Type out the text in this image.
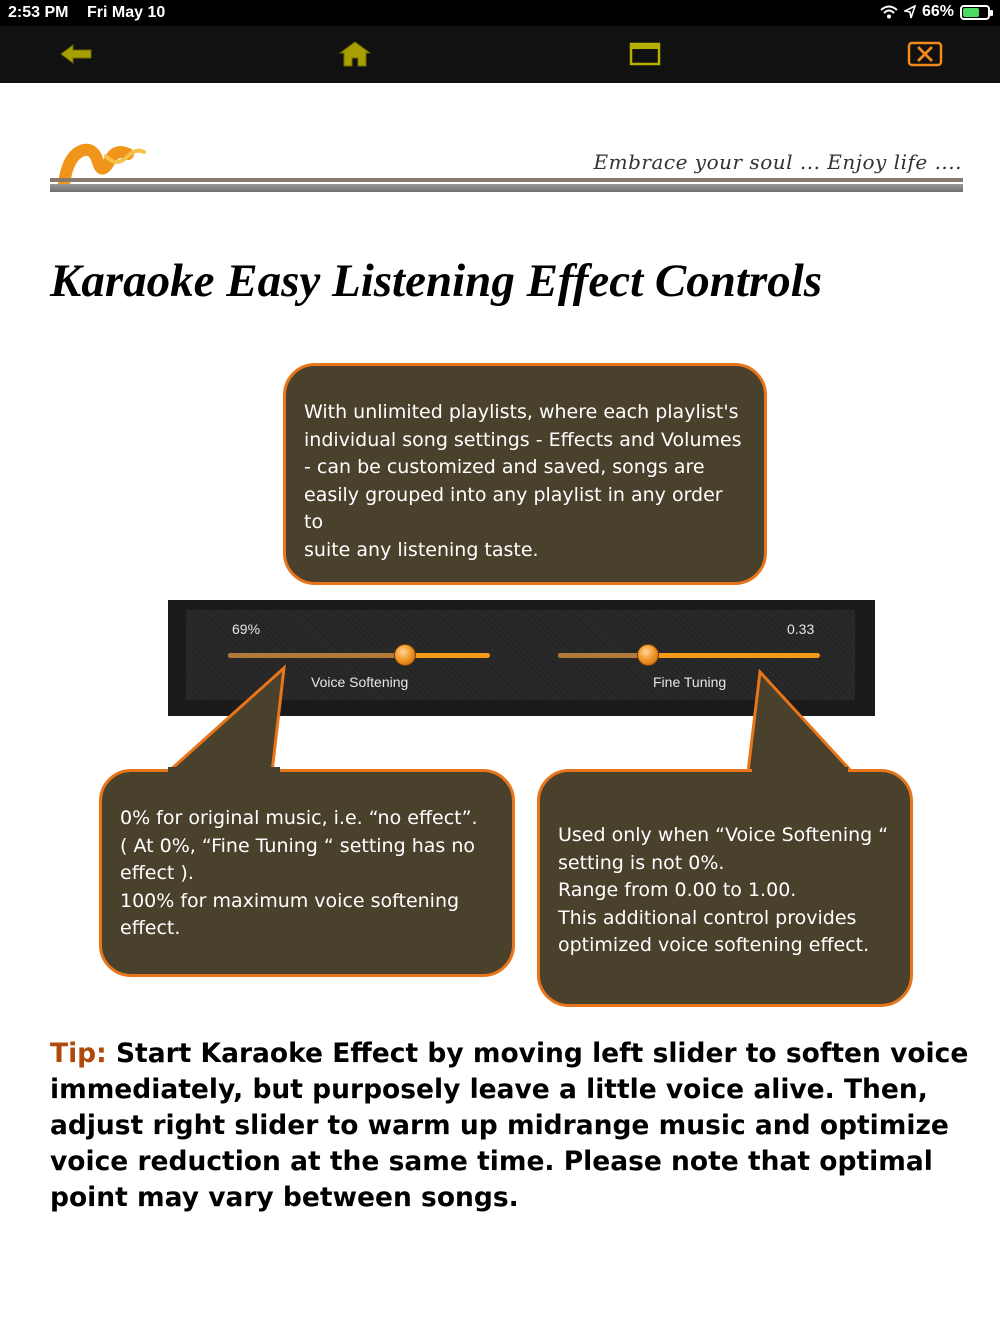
2:53 PM Fri May 10	66%
Embrace your soul ... Enjoy life ....
Karaoke Easy Listening Effect Controls

With unlimited playlists, where each playlist's
individual song settings - Effects and Volumes
- can be customized and saved, songs are
easily grouped into any playlist in any order to
suite any listening taste.

69%
Voice Softening
0.33
Fine Tuning

0% for original music, i.e. “no effect”.
( At 0%, “Fine Tuning “ setting has no
effect ).
100% for maximum voice softening
effect.

Used only when “Voice Softening “
setting is not 0%.
Range from 0.00 to 1.00.
This additional control provides
optimized voice softening effect.

Tip: Start Karaoke Effect by moving left slider to soften voice immediately, but purposely leave a little voice alive. Then, adjust right slider to warm up midrange music and optimize voice reduction at the same time. Please note that optimal point may vary between songs.
